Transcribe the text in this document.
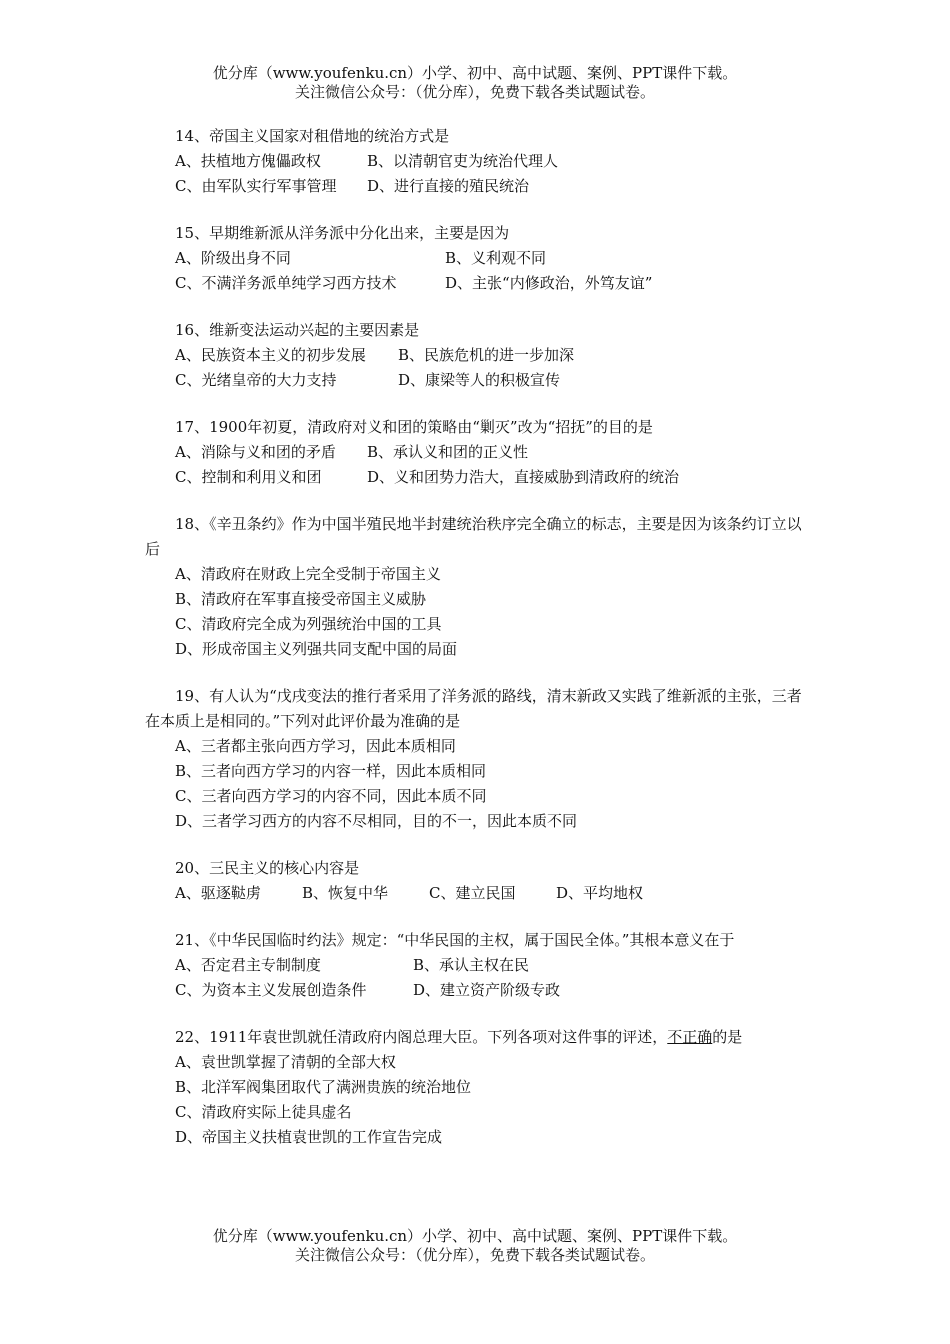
优分库（www.youfenku.cn）小学、初中、高中试题、案例、PPT课件下载。
关注微信公众号：（优分库），免费下载各类试题试卷。
14、帝国主义国家对租借地的统治方式是
A、扶植地方傀儡政权	B、以清朝官吏为统治代理人
C、由军队实行军事管理 D、进行直接的殖民统治
15、早期维新派从洋务派中分化出来，主要是因为
A、阶级出身不同	B、义利观不同
C、不满洋务派单纯学习西方技术	D、主张“内修政治，外笃友谊”
16、维新变法运动兴起的主要因素是
A、民族资本主义的初步发展 B、民族危机的进一步加深
C、光绪皇帝的大力支持	D、康梁等人的积极宣传
17、1900年初夏，清政府对义和团的策略由“剿灭”改为“招抚”的目的是
A、消除与义和团的矛盾 B、承认义和团的正义性
C、控制和利用义和团	D、义和团势力浩大，直接威胁到清政府的统治
18、《辛丑条约》作为中国半殖民地半封建统治秩序完全确立的标志，主要是因为该条约订立以后
A、清政府在财政上完全受制于帝国主义
B、清政府在军事直接受帝国主义威胁
C、清政府完全成为列强统治中国的工具
D、形成帝国主义列强共同支配中国的局面
19、有人认为“戊戌变法的推行者采用了洋务派的路线，清末新政又实践了维新派的主张，三者在本质上是相同的。”下列对此评价最为准确的是
A、三者都主张向西方学习，因此本质相同
B、三者向西方学习的内容一样，因此本质相同
C、三者向西方学习的内容不同，因此本质不同
D、三者学习西方的内容不尽相同，目的不一，因此本质不同
20、三民主义的核心内容是
A、驱逐鞑虏	B、恢复中华	C、建立民国	D、平均地权
21、《中华民国临时约法》规定：“中华民国的主权，属于国民全体。”其根本意义在于
A、否定君主专制制度	B、承认主权在民
C、为资本主义发展创造条件	D、建立资产阶级专政
22、1911年袁世凯就任清政府内阁总理大臣。下列各项对这件事的评述，不正确的是
A、袁世凯掌握了清朝的全部大权
B、北洋军阀集团取代了满洲贵族的统治地位
C、清政府实际上徒具虚名
D、帝国主义扶植袁世凯的工作宣告完成
优分库（www.youfenku.cn）小学、初中、高中试题、案例、PPT课件下载。
关注微信公众号：（优分库），免费下载各类试题试卷。
